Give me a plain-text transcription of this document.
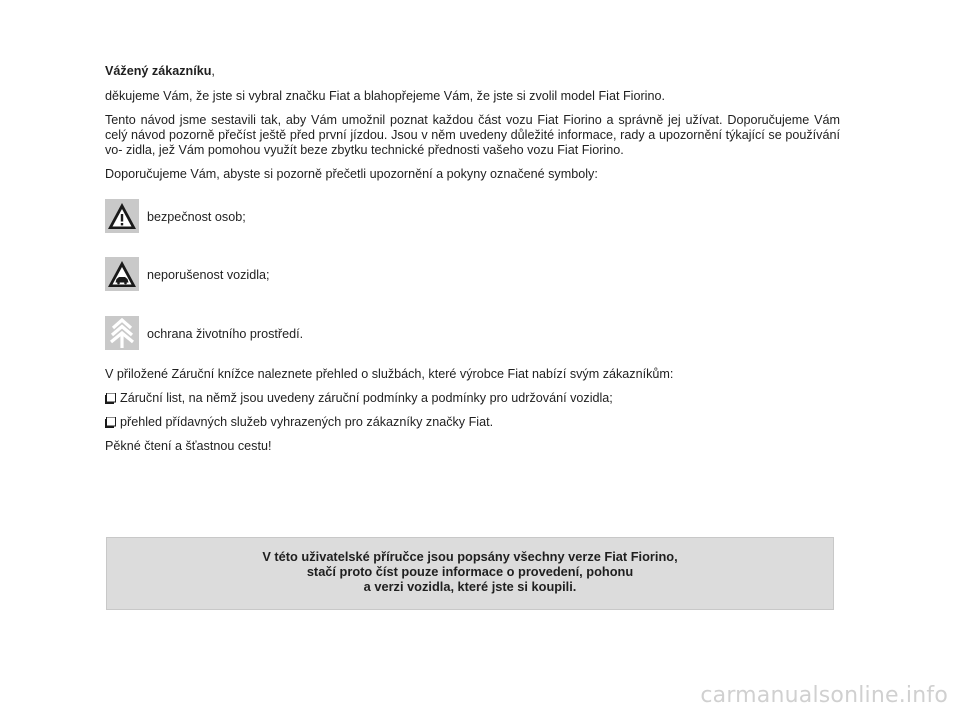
Vážený zákazníku,

děkujeme Vám, že jste si vybral značku Fiat a blahopřejeme Vám, že jste si zvolil model Fiat Fiorino.

Tento návod jsme sestavili tak, aby Vám umožnil poznat každou část vozu Fiat Fiorino a správně jej užívat. Doporučujeme Vám celý návod pozorně přečíst ještě před první jízdou. Jsou v něm uvedeny důležité informace, rady a upozornění týkající se používání vo- zidla, jež Vám pomohou využít beze zbytku technické přednosti vašeho vozu Fiat Fiorino.

Doporučujeme Vám, abyste si pozorně přečetli upozornění a pokyny označené symboly:

bezpečnost osob;
neporušenost vozidla;
ochrana životního prostředí.

V přiložené Záruční knížce naleznete přehled o službách, které výrobce Fiat nabízí svým zákazníkům:

Záruční list, na němž jsou uvedeny záruční podmínky a podmínky pro udržování vozidla;
přehled přídavných služeb vyhrazených pro zákazníky značky Fiat.

Pěkné čtení a šťastnou cestu!

V této uživatelské příručce jsou popsány všechny verze Fiat Fiorino,
stačí proto číst pouze informace o provedení, pohonu
a verzi vozidla, které jste si koupili.
carmanualsonline.info
